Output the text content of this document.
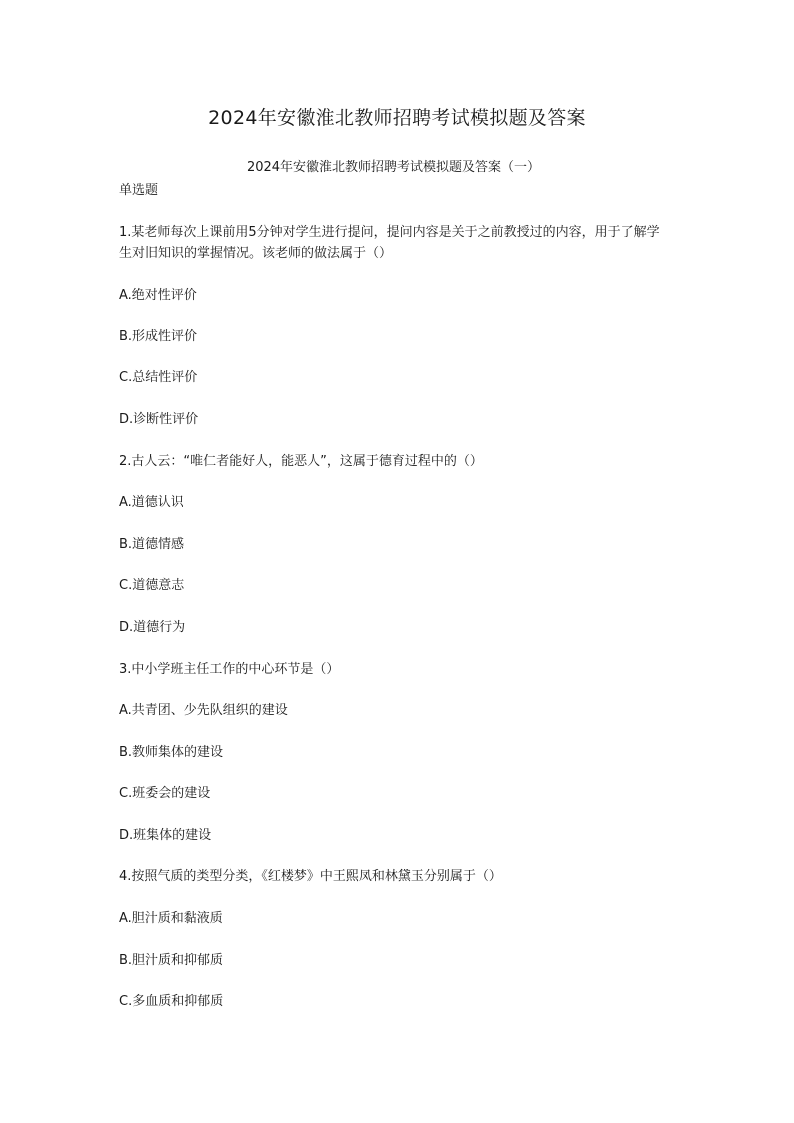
2024年安徽淮北教师招聘考试模拟题及答案
2024年安徽淮北教师招聘考试模拟题及答案（一）
单选题
1.某老师每次上课前用5分钟对学生进行提问，提问内容是关于之前教授过的内容，用于了解学生对旧知识的掌握情况。该老师的做法属于（）
A.绝对性评价
B.形成性评价
C.总结性评价
D.诊断性评价
2.古人云：“唯仁者能好人，能恶人”，这属于德育过程中的（）
A.道德认识
B.道德情感
C.道德意志
D.道德行为
3.中小学班主任工作的中心环节是（）
A.共青团、少先队组织的建设
B.教师集体的建设
C.班委会的建设
D.班集体的建设
4.按照气质的类型分类，《红楼梦》中王熙凤和林黛玉分别属于（）
A.胆汁质和黏液质
B.胆汁质和抑郁质
C.多血质和抑郁质
